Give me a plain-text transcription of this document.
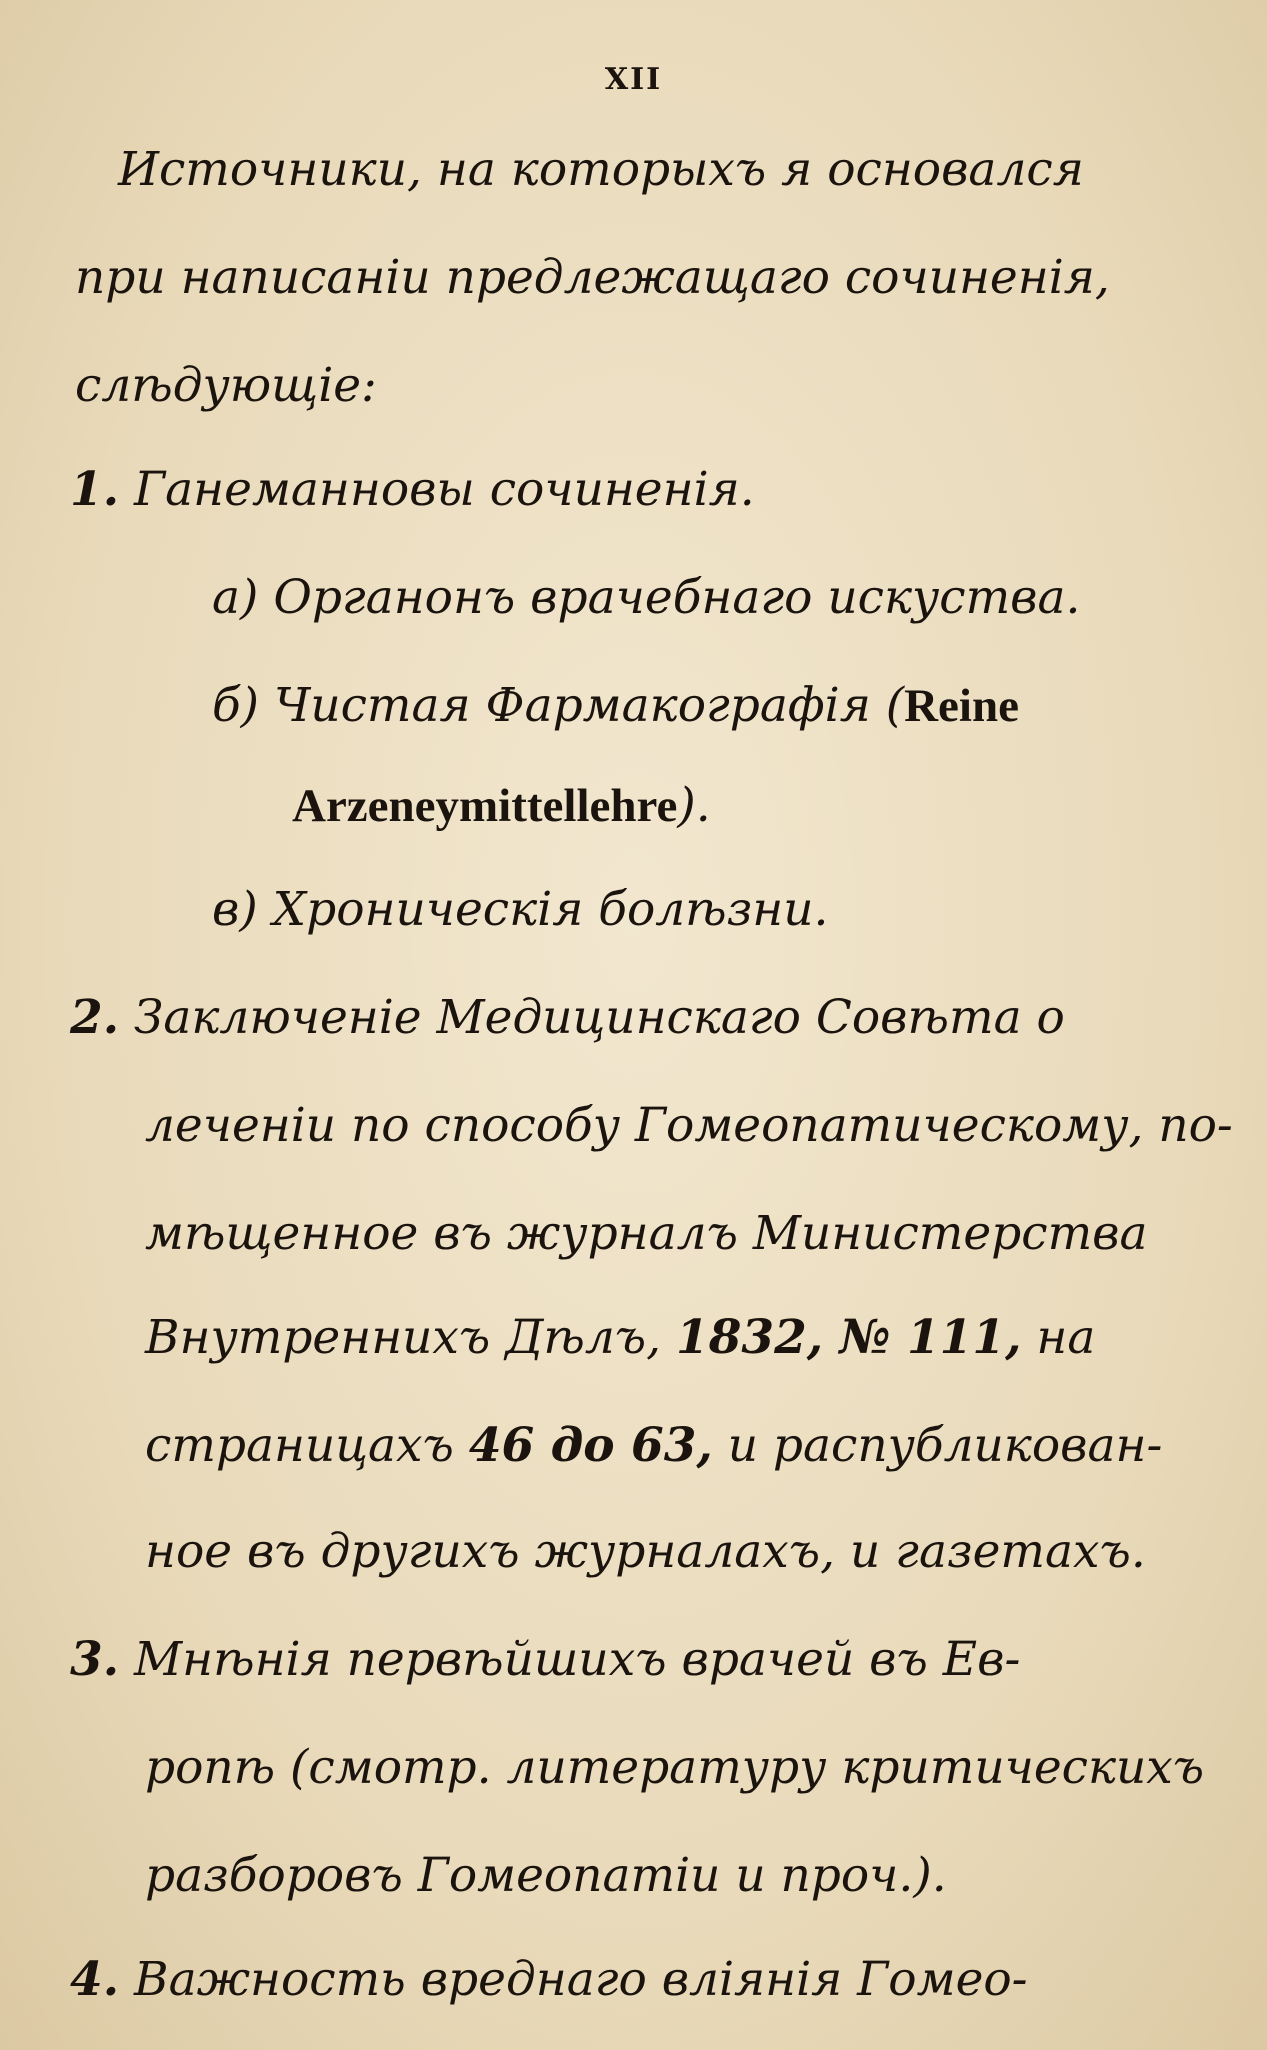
XII
Источники, на которыхъ я основался
при написаніи предлежащаго сочиненія,
слѣдующіе:
1. Ганеманновы сочиненія.
а) Органонъ врачебнаго искуства.
б) Чистая Фармакографія (Reine
Arzeneymittellehre).
в) Хроническія болѣзни.
2. Заключеніе Медицинскаго Совѣта о
леченіи по способу Гомеопатическому, по-
мѣщенное въ журналъ Министерства
Внутреннихъ Дѣлъ, 1832, № 111, на
страницахъ 46 до 63, и распубликован-
ное въ другихъ журналахъ, и газетахъ.
3. Мнѣнія первѣйшихъ врачей въ Ев-
ропѣ (смотр. литературу критическихъ
разборовъ Гомеопатіи и проч.).
4. Важность вреднаго вліянія Гомео-
